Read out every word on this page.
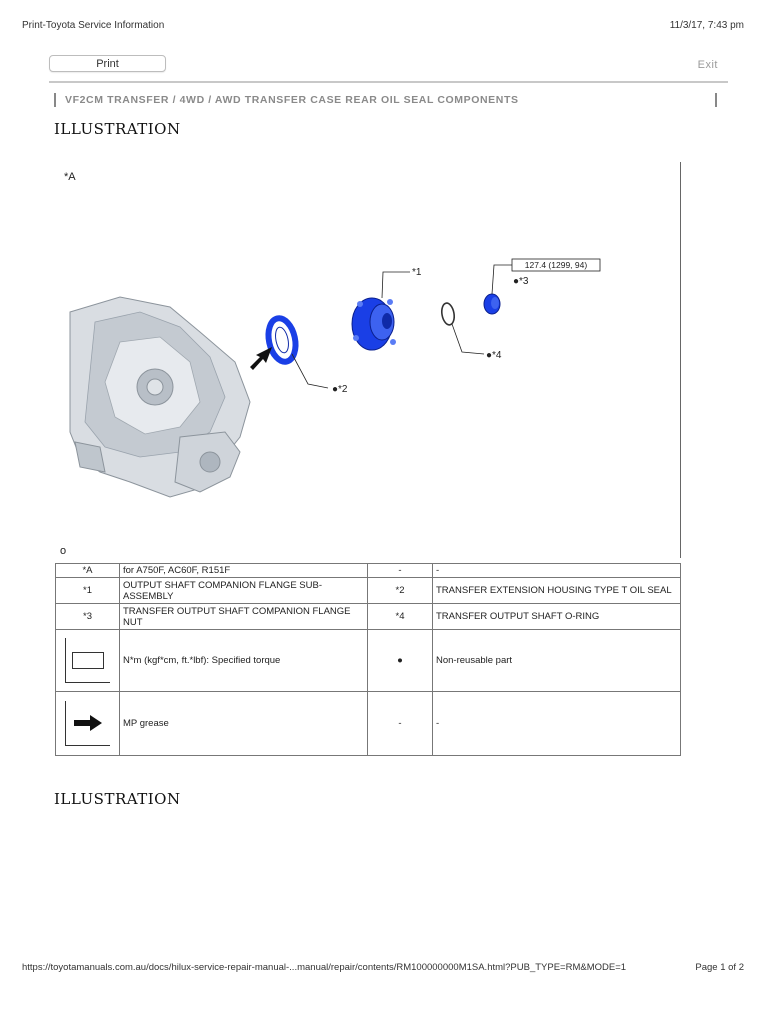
Print-Toyota Service Information	11/3/17, 7:43 pm
Print	Exit
VF2CM TRANSFER / 4WD / AWD TRANSFER CASE REAR OIL SEAL COMPONENTS
ILLUSTRATION
*A
127.4 (1299, 94)
*1
●*2
●*3
●*4
o
*A	for A750F, AC60F, R151F	-	-
*1	OUTPUT SHAFT COMPANION FLANGE SUB-ASSEMBLY	*2	TRANSFER EXTENSION HOUSING TYPE T OIL SEAL
*3	TRANSFER OUTPUT SHAFT COMPANION FLANGE NUT	*4	TRANSFER OUTPUT SHAFT O-RING

	N*m (kgf*cm, ft.*lbf): Specified torque	●	Non-reusable part

	MP grease	-	-
ILLUSTRATION
https://toyotamanuals.com.au/docs/hilux-service-repair-manual-...manual/repair/contents/RM100000000M1SA.html?PUB_TYPE=RM&MODE=1	Page 1 of 2
